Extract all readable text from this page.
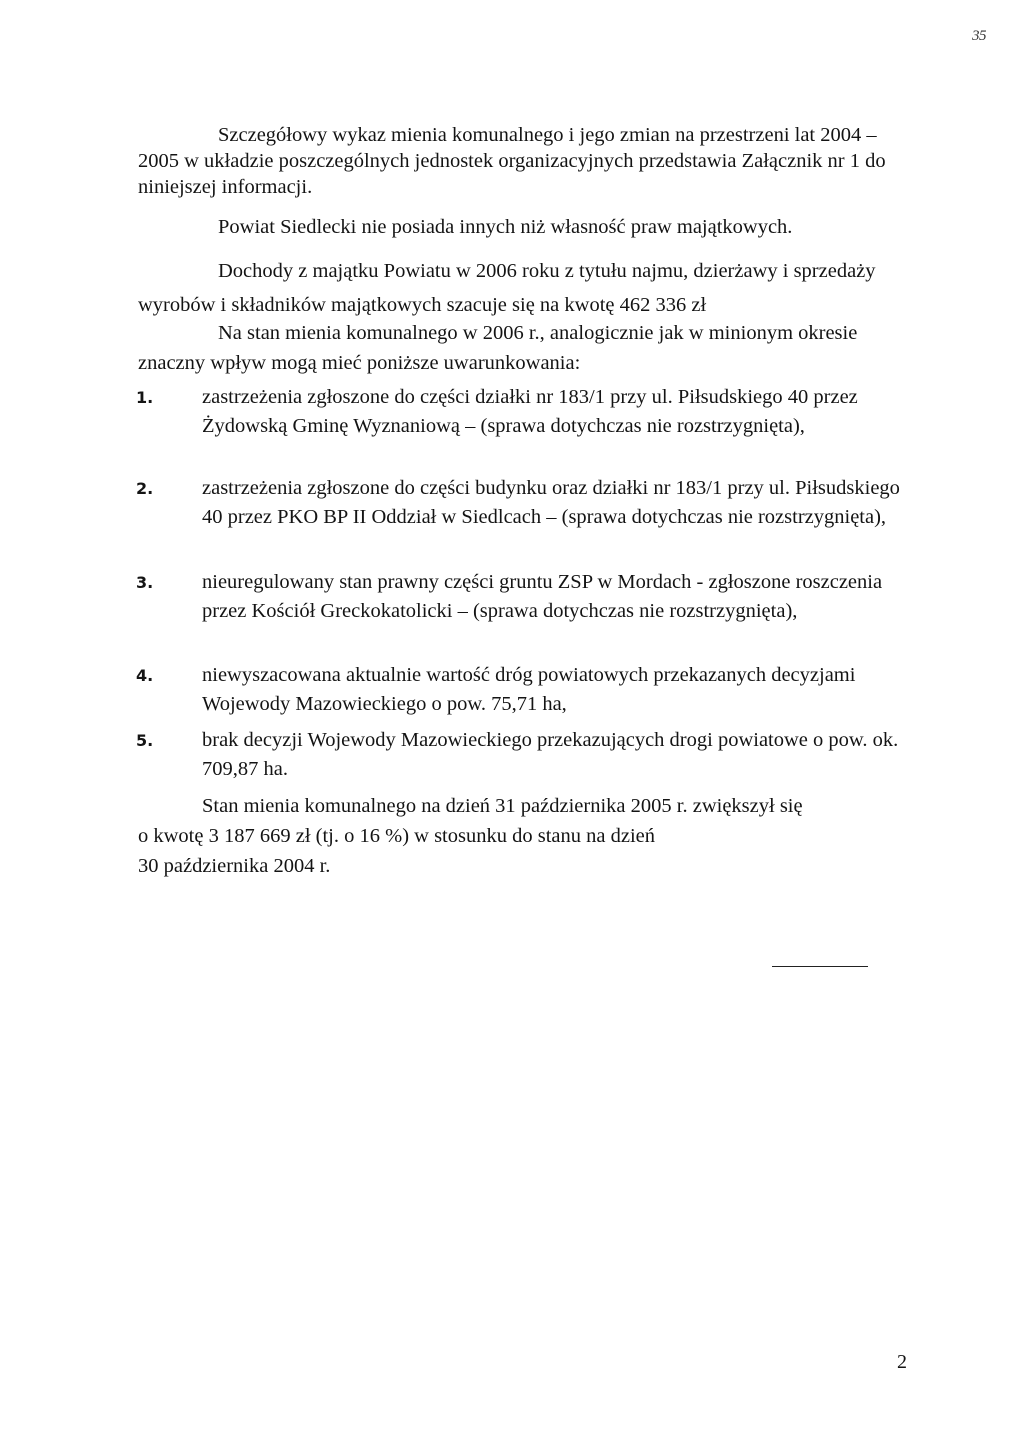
35
Szczegółowy wykaz mienia komunalnego i jego zmian na przestrzeni lat 2004 – 2005 w układzie poszczególnych jednostek organizacyjnych przedstawia Załącznik nr 1 do niniejszej informacji.
Powiat Siedlecki nie posiada innych niż własność praw majątkowych.
Dochody z majątku Powiatu w 2006 roku z tytułu najmu, dzierżawy i sprzedaży wyrobów i składników majątkowych szacuje się na kwotę 462 336 zł
Na stan mienia komunalnego w 2006 r., analogicznie jak w minionym okresie znaczny wpływ mogą mieć poniższe uwarunkowania:
1. zastrzeżenia zgłoszone do części działki nr 183/1 przy ul. Piłsudskiego 40 przez Żydowską Gminę Wyznaniową – (sprawa dotychczas nie rozstrzygnięta),
2. zastrzeżenia zgłoszone do części budynku oraz działki nr 183/1 przy ul. Piłsudskiego 40 przez PKO BP II Oddział w Siedlcach – (sprawa dotychczas nie rozstrzygnięta),
3. nieuregulowany stan prawny części gruntu ZSP w Mordach - zgłoszone roszczenia przez Kościół Greckokatolicki – (sprawa dotychczas nie rozstrzygnięta),
4. niewyszacowana aktualnie wartość dróg powiatowych przekazanych decyzjami Wojewody Mazowieckiego o pow. 75,71 ha,
5. brak decyzji Wojewody Mazowieckiego przekazujących drogi powiatowe o pow. ok. 709,87 ha.
Stan mienia komunalnego na dzień 31 października 2005 r. zwiększył się
o kwotę 3 187 669 zł (tj. o 16 %) w stosunku do stanu na dzień
30 października 2004 r.
2
